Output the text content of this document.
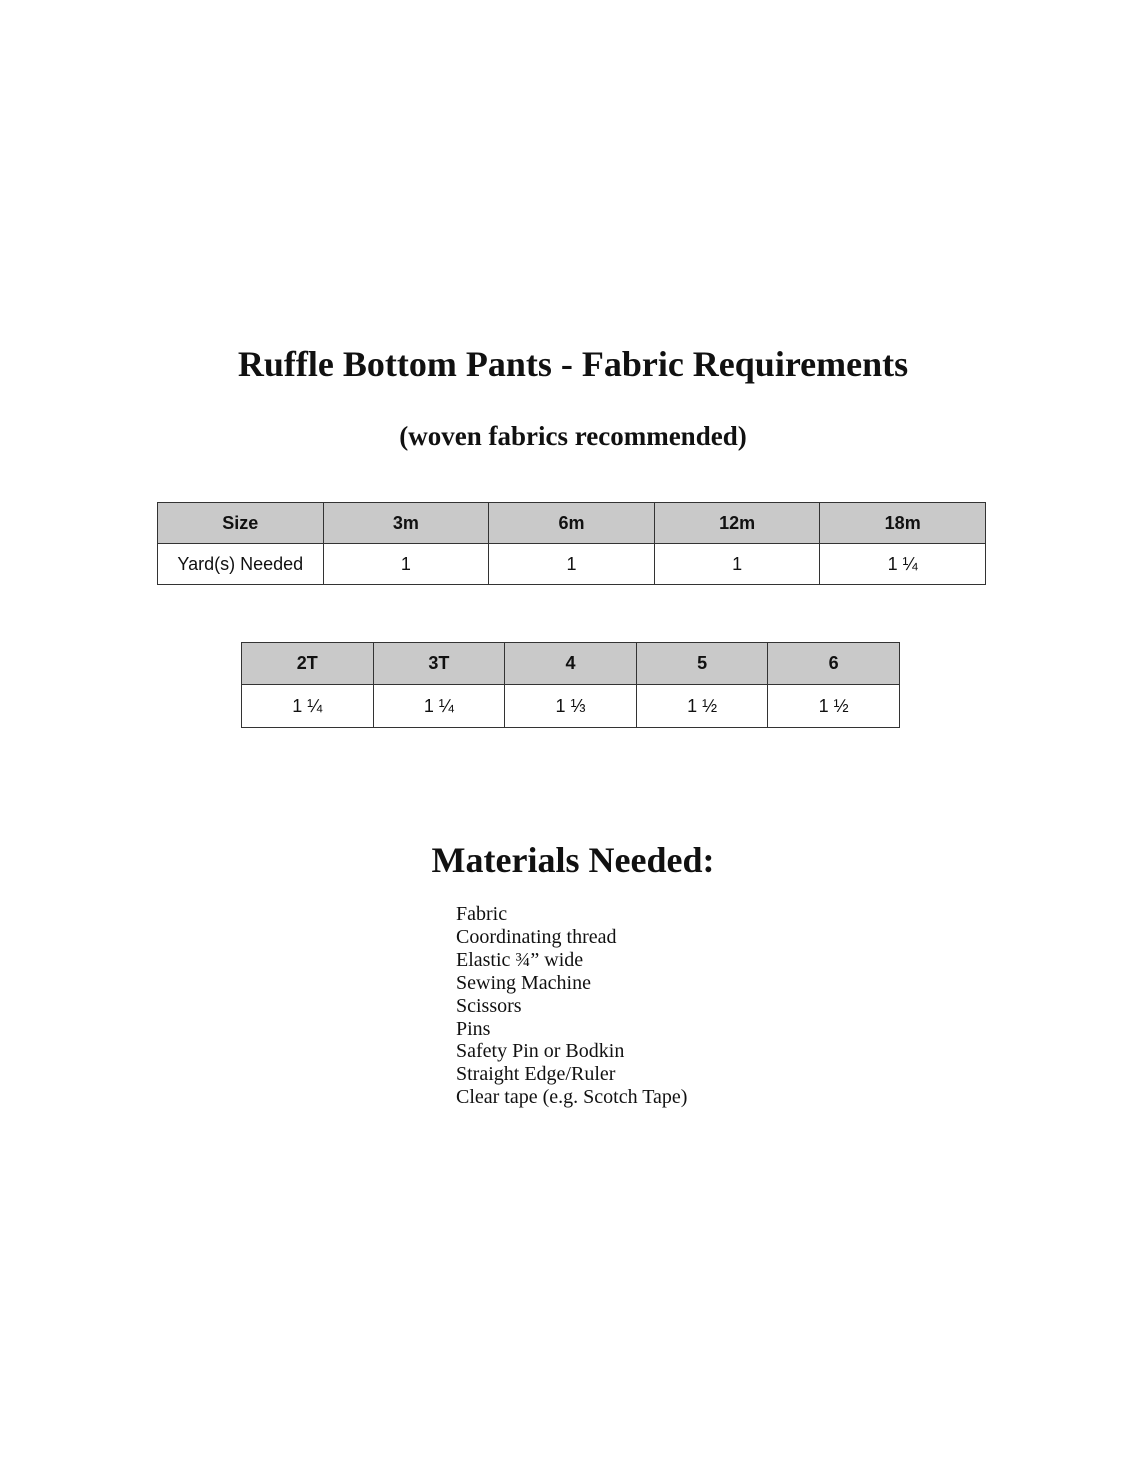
Ruffle Bottom Pants - Fabric Requirements
(woven fabrics recommended)
Size	3m	6m	12m	18m
Yard(s) Needed	1	1	1	1 ¼
2T	3T	4	5	6
1 ¼	1 ¼	1 ⅓	1 ½	1 ½
Materials Needed:
Fabric
Coordinating thread
Elastic ¾” wide
Sewing Machine
Scissors
Pins
Safety Pin or Bodkin
Straight Edge/Ruler
Clear tape (e.g. Scotch Tape)
